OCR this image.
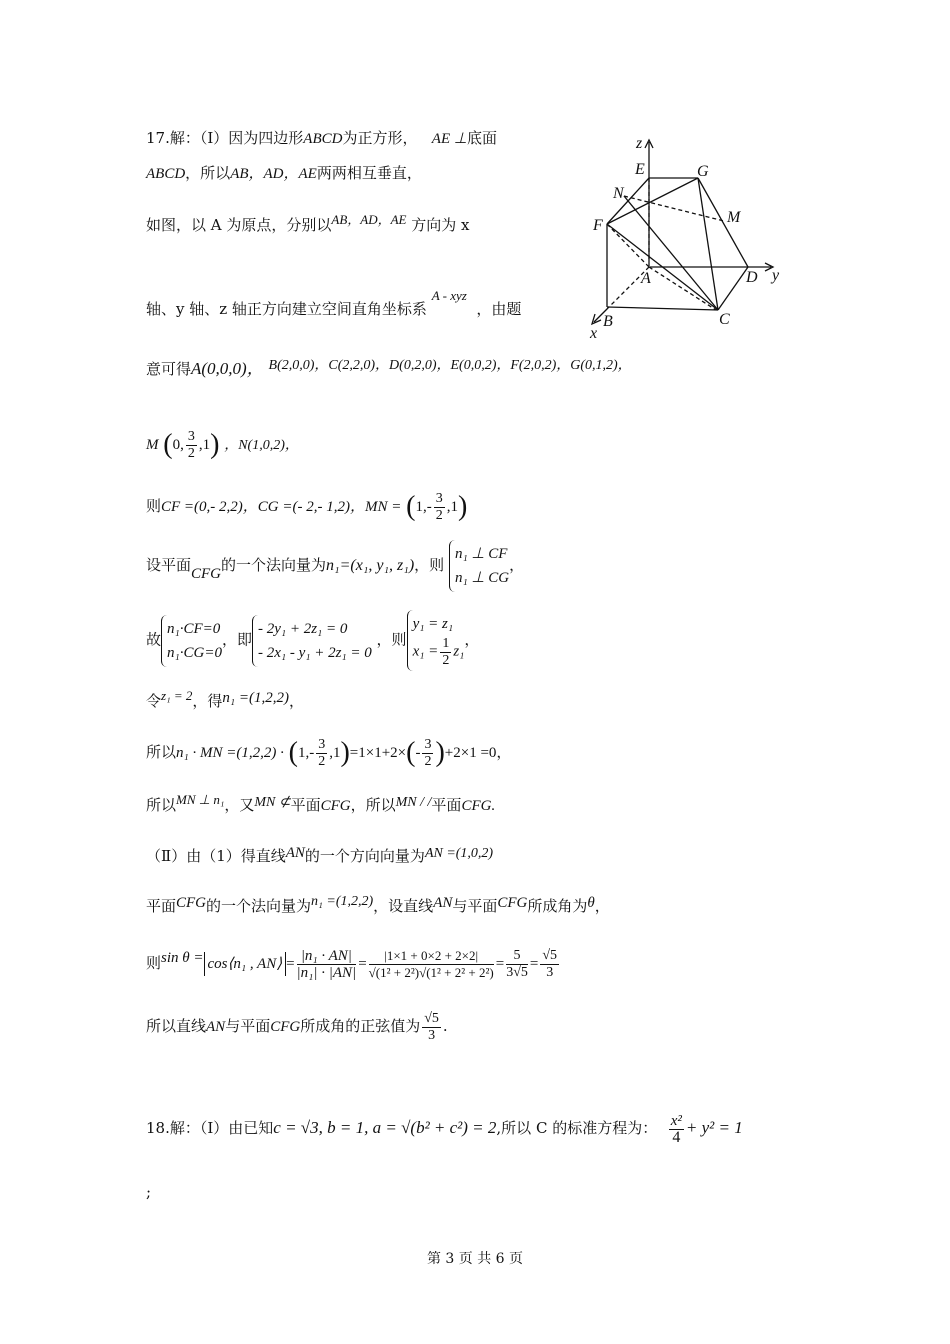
17.解：（Ⅰ）因为四边形ABCD为正方形， AE ⊥底面
ABCD，所以AB，AD，AE两两相互垂直，
如图，以 A 为原点，分别以AB，AD，AE 方向为 x
轴、y 轴、z 轴正方向建立空间直角坐标系 A - xyz  ，由题
意可得A(0,0,0)， B(2,0,0)，C(2,2,0)，D(0,2,0)，E(0,0,2)，F(2,0,2)，G(0,1,2)，
M (0, $\frac{3}{2} ,1$) ，N(1,0,2)，
则CF =(0,- 2,2)，CG =(- 2,- 1,2)，MN = $(1,- \frac{3}{2} ,1)$
设平面CFG的一个法向量为n₁=(x₁, y₁, z₁)，则
n₁ ⊥ CF
n₁ ⊥ CG
，
故
n₁·CF=0
n₁·CG=0
，即
- 2y₁ + 2z₁ = 0
- 2x₁ - y₁ + 2z₁ = 0
，则
y₁ = z₁
$x_1 = \frac{1}{2} z_1$
，
令z₁ = 2，得n₁ =(1,2,2)，
所以n₁ · MN $=(1,2,2) \cdot (1,- \frac{3}{2} ,1)=1\times 1+2\times(- \frac{3}{2} )+2\times 1 =0$，
所以MN ⊥ n₁，又MN ⊄平面CFG，所以MN / /平面CFG.
（Ⅱ）由（1）得直线AN的一个方向向量为AN =(1,0,2)
平面CFG的一个法向量为n₁ =(1,2,2)，设直线AN与平面CFG所成角为θ，
则sin θ = cos⟨n₁ , AN⟩ = $\frac{\text{|n₁ · AN|}}{\text{|n₁| · |AN|}} = \frac{|1\times 1 + 0\times 2 + 2\times 2|}{\text{√(1² + 2²)√(1² + 2² + 2²)}} = \frac{5}{3√5} = \frac{√5}{3}$
所以直线AN与平面CFG所成角的正弦值为 $\frac{√5}{3}$ .
18.解：（Ⅰ）由已知c = √3, b = 1, a = √(b² + c²) = 2,所以 C 的标准方程为： $\frac{\text{x²}}{4} + y^2 = 1$
;
z
E	G
N
M
F
A	D y
B	C
x
第 3 页 共 6 页
